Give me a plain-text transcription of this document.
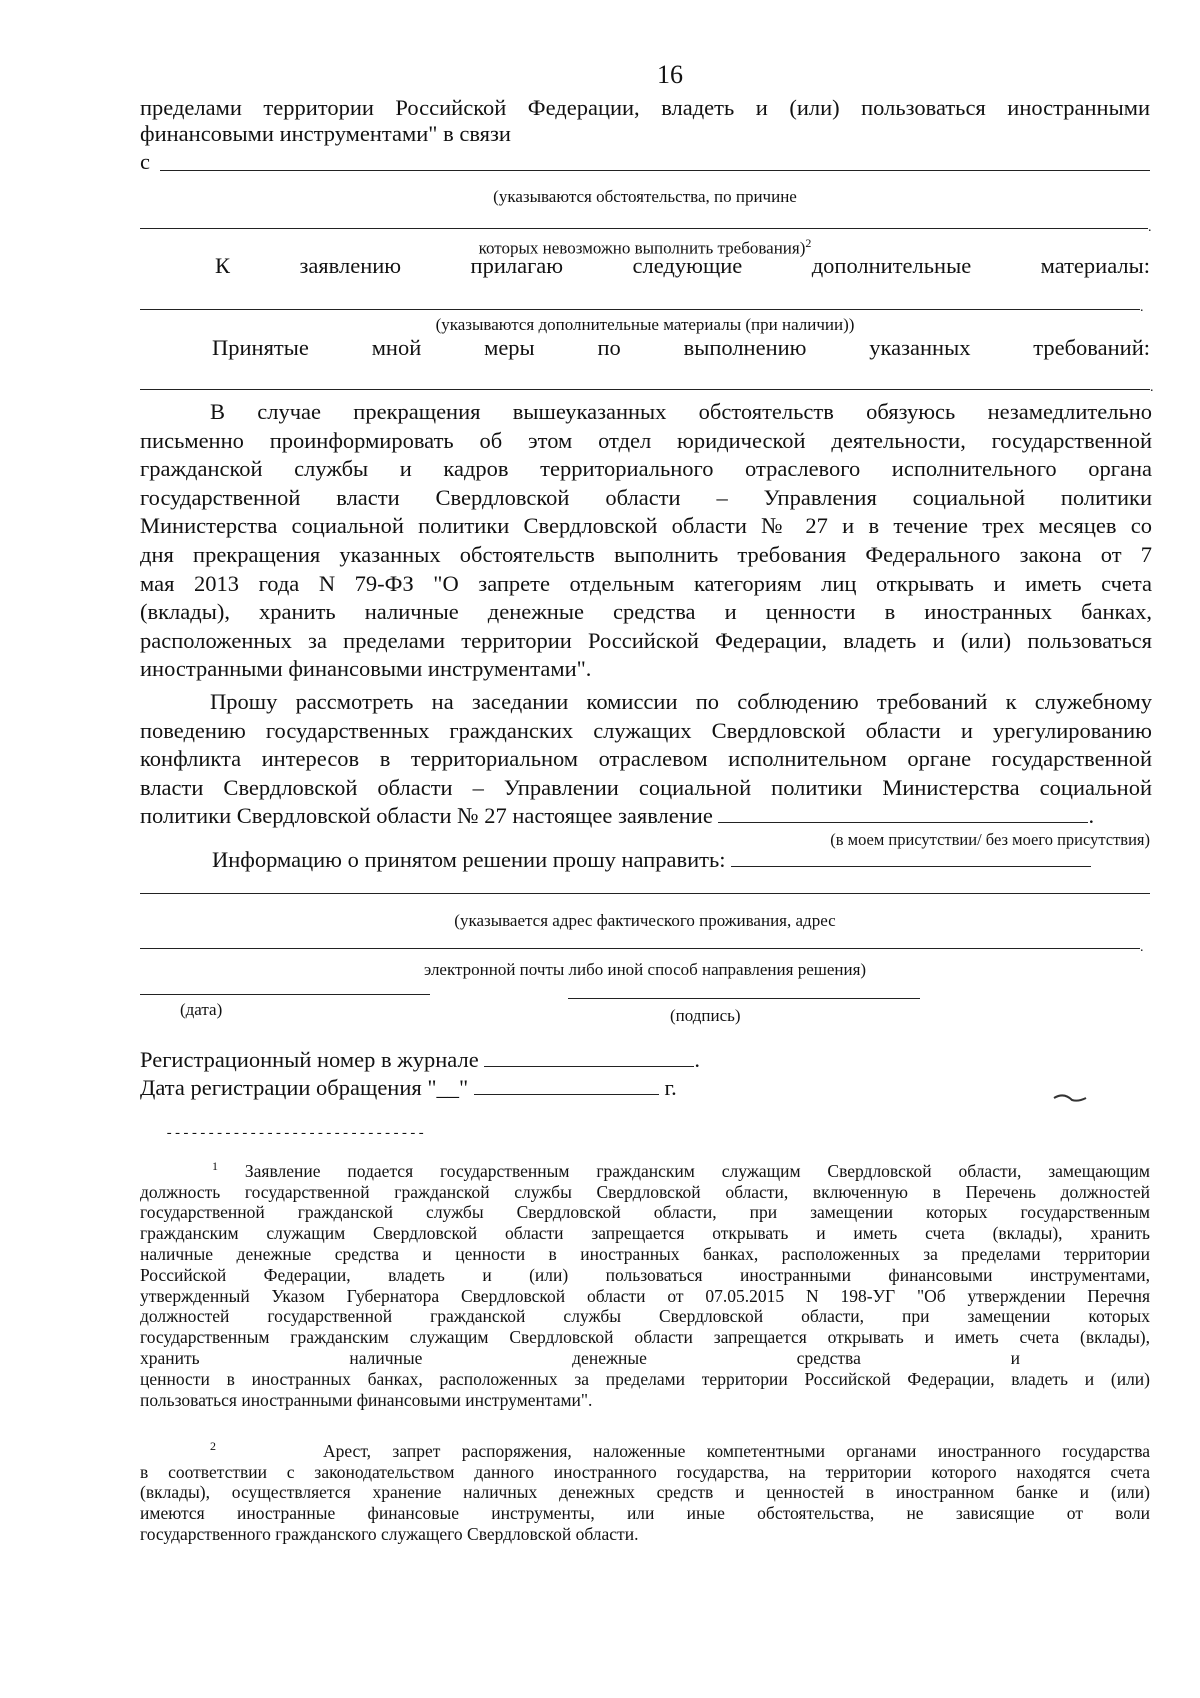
16
пределами территории Российской Федерации, владеть и (или) пользоваться иностранными
финансовыми инструментами" в связи
с
(указываются обстоятельства, по причине
.
которых невозможно выполнить требования)$^2$
К	заявлению	прилагаю	следующие	дополнительные	материалы:
.
(указываются дополнительные материалы (при наличии))
Принятые	мной	меры	по	выполнению	указанных	требований:
.
В случае прекращения вышеуказанных обстоятельств обязуюсь незамедлительно
письменно проинформировать об этом отдел юридической деятельности, государственной
гражданской службы и кадров территориального отраслевого исполнительного органа
государственной власти Свердловской области – Управления социальной политики
Министерства социальной политики Свердловской области № 27 и в течение трех месяцев со
дня прекращения указанных обстоятельств выполнить требования Федерального закона от 7
мая 2013 года N 79-ФЗ "О запрете отдельным категориям лиц открывать и иметь счета
(вклады), хранить наличные денежные средства и ценности в иностранных банках,
расположенных за пределами территории Российской Федерации, владеть и (или) пользоваться
иностранными финансовыми инструментами".
Прошу рассмотреть на заседании комиссии по соблюдению требований к служебному
поведению государственных гражданских служащих Свердловской области и урегулированию
конфликта интересов в территориальном отраслевом исполнительном органе государственной
власти Свердловской области – Управлении социальной политики Министерства социальной
политики Свердловской области № 27 настоящее заявление	.
(в моем присутствии/ без моего присутствия)
Информацию о принятом решении прошу направить:
(указывается адрес фактического проживания, адрес
.
электронной почты либо иной способ направления решения)
(дата)	(подпись)
Регистрационный номер в журнале	.
Дата регистрации обращения "__"	г.
-------------------------------
$^1$ Заявление подается государственным гражданским служащим Свердловской области, замещающим
должность государственной гражданской службы Свердловской области, включенную в Перечень должностей
государственной гражданской службы Свердловской области, при замещении которых государственным
гражданским служащим Свердловской области запрещается открывать и иметь счета (вклады), хранить
наличные денежные средства и ценности в иностранных банках, расположенных за пределами территории
Российской Федерации, владеть и (или) пользоваться иностранными финансовыми инструментами,
утвержденный Указом Губернатора Свердловской области от 07.05.2015 N 198-УГ "Об утверждении Перечня
должностей государственной гражданской службы Свердловской области, при замещении которых
государственным гражданским служащим Свердловской области запрещается открывать и иметь счета (вклады),
хранить	наличные	денежные	средства	и
ценности в иностранных банках, расположенных за пределами территории Российской Федерации, владеть и (или)
пользоваться иностранными финансовыми инструментами".
$^2$	Арест, запрет распоряжения, наложенные компетентными органами иностранного государства
в соответствии с законодательством данного иностранного государства, на территории которого находятся счета
(вклады), осуществляется хранение наличных денежных средств и ценностей в иностранном банке и (или)
имеются иностранные финансовые инструменты, или иные обстоятельства, не зависящие от воли
государственного гражданского служащего Свердловской области.
